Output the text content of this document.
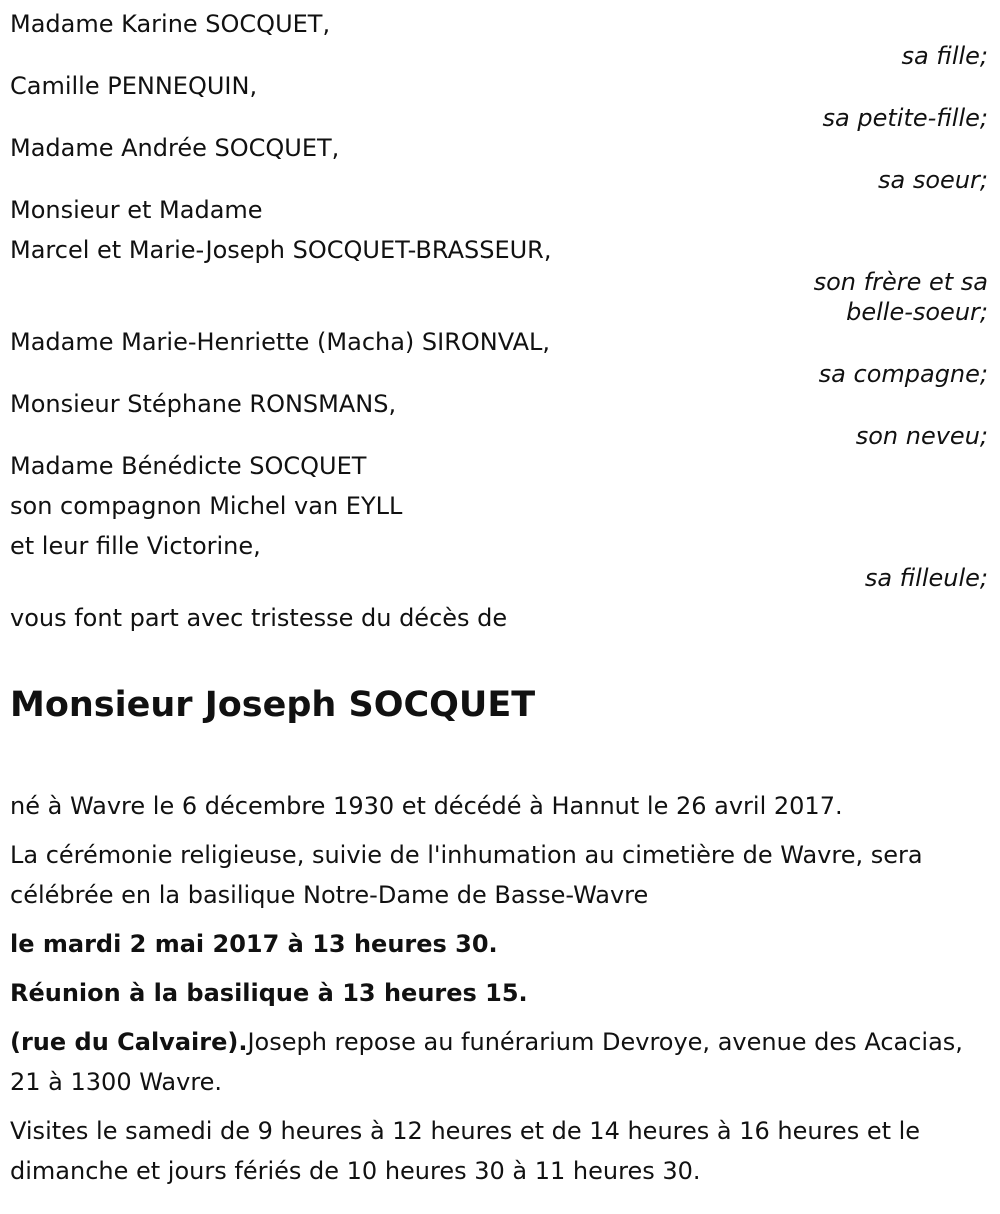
Madame Karine SOCQUET,
sa fille;
Camille PENNEQUIN,
sa petite-fille;
Madame Andrée SOCQUET,
sa soeur;
Monsieur et Madame
Marcel et Marie-Joseph SOCQUET-BRASSEUR,
son frère et sa
belle-soeur;
Madame Marie-Henriette (Macha) SIRONVAL,
sa compagne;
Monsieur Stéphane RONSMANS,
son neveu;
Madame Bénédicte SOCQUET
son compagnon Michel van EYLL
et leur fille Victorine,
sa filleule;

vous font part avec tristesse du décès de

Monsieur Joseph SOCQUET

né à Wavre le 6 décembre 1930 et décédé à Hannut le 26 avril 2017.

La cérémonie religieuse, suivie de l'inhumation au cimetière de Wavre, sera célébrée en la basilique Notre-Dame de Basse-Wavre

le mardi 2 mai 2017 à 13 heures 30.

Réunion à la basilique à 13 heures 15.

(rue du Calvaire).Joseph repose au funérarium Devroye, avenue des Acacias, 21 à 1300 Wavre.

Visites le samedi de 9 heures à 12 heures et de 14 heures à 16 heures et le dimanche et jours fériés de 10 heures 30 à 11 heures 30.
